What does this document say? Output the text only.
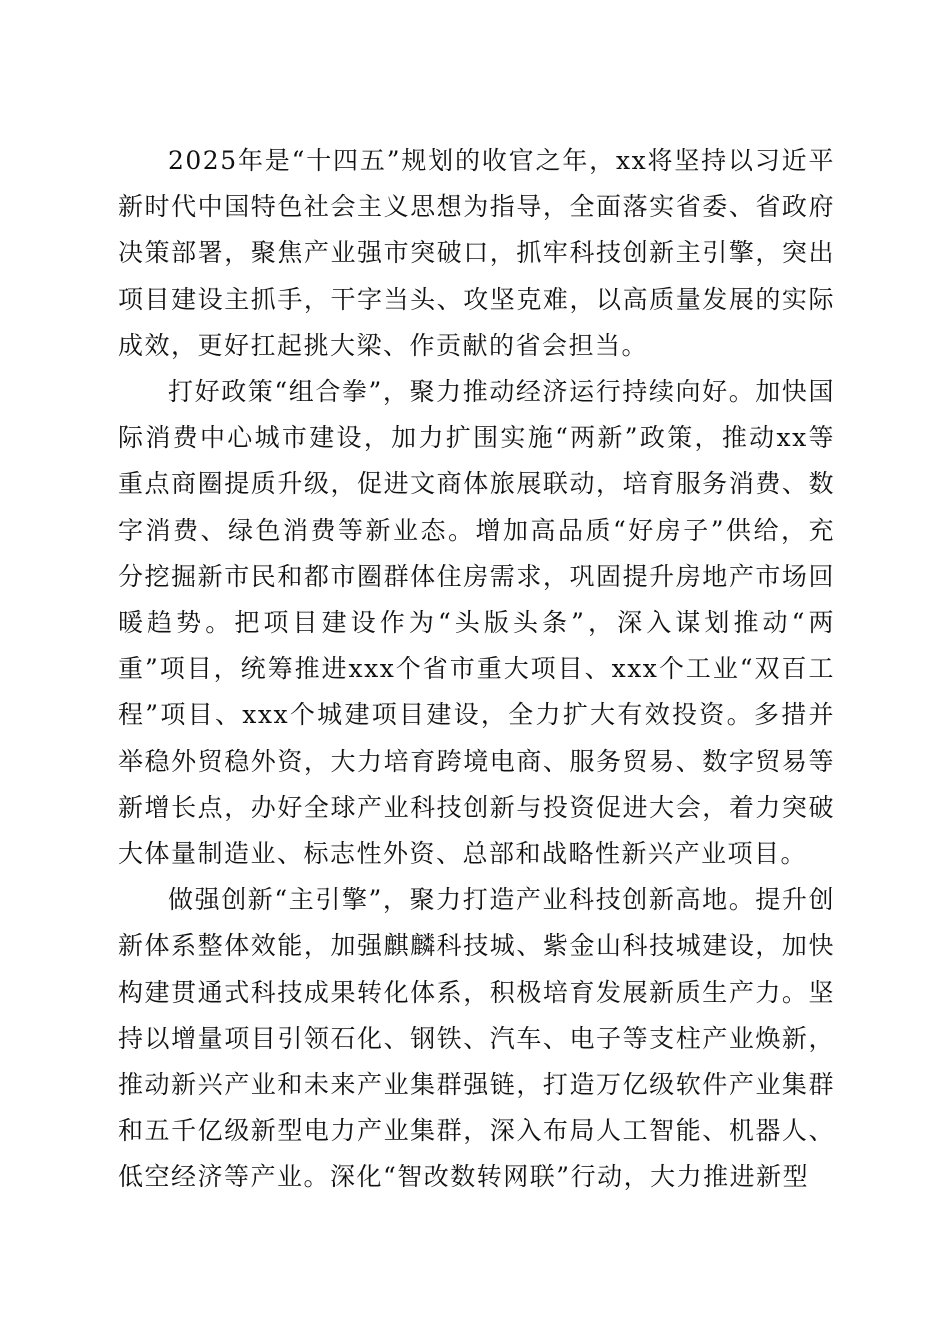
2025年是“十四五”规划的收官之年，xx将坚持以习近平新时代中国特色社会主义思想为指导，全面落实省委、省政府决策部署，聚焦产业强市突破口，抓牢科技创新主引擎，突出项目建设主抓手，干字当头、攻坚克难，以高质量发展的实际成效，更好扛起挑大梁、作贡献的省会担当。

打好政策“组合拳”，聚力推动经济运行持续向好。加快国际消费中心城市建设，加力扩围实施“两新”政策，推动xx等重点商圈提质升级，促进文商体旅展联动，培育服务消费、数字消费、绿色消费等新业态。增加高品质“好房子”供给，充分挖掘新市民和都市圈群体住房需求，巩固提升房地产市场回暖趋势。把项目建设作为“头版头条”，深入谋划推动“两重”项目，统筹推进xxx个省市重大项目、xxx个工业“双百工程”项目、xxx个城建项目建设，全力扩大有效投资。多措并举稳外贸稳外资，大力培育跨境电商、服务贸易、数字贸易等新增长点，办好全球产业科技创新与投资促进大会，着力突破大体量制造业、标志性外资、总部和战略性新兴产业项目。

做强创新“主引擎”，聚力打造产业科技创新高地。提升创新体系整体效能，加强麒麟科技城、紫金山科技城建设，加快构建贯通式科技成果转化体系，积极培育发展新质生产力。坚持以增量项目引领石化、钢铁、汽车、电子等支柱产业焕新，推动新兴产业和未来产业集群强链，打造万亿级软件产业集群和五千亿级新型电力产业集群，深入布局人工智能、机器人、低空经济等产业。深化“智改数转网联”行动，大力推进新型
